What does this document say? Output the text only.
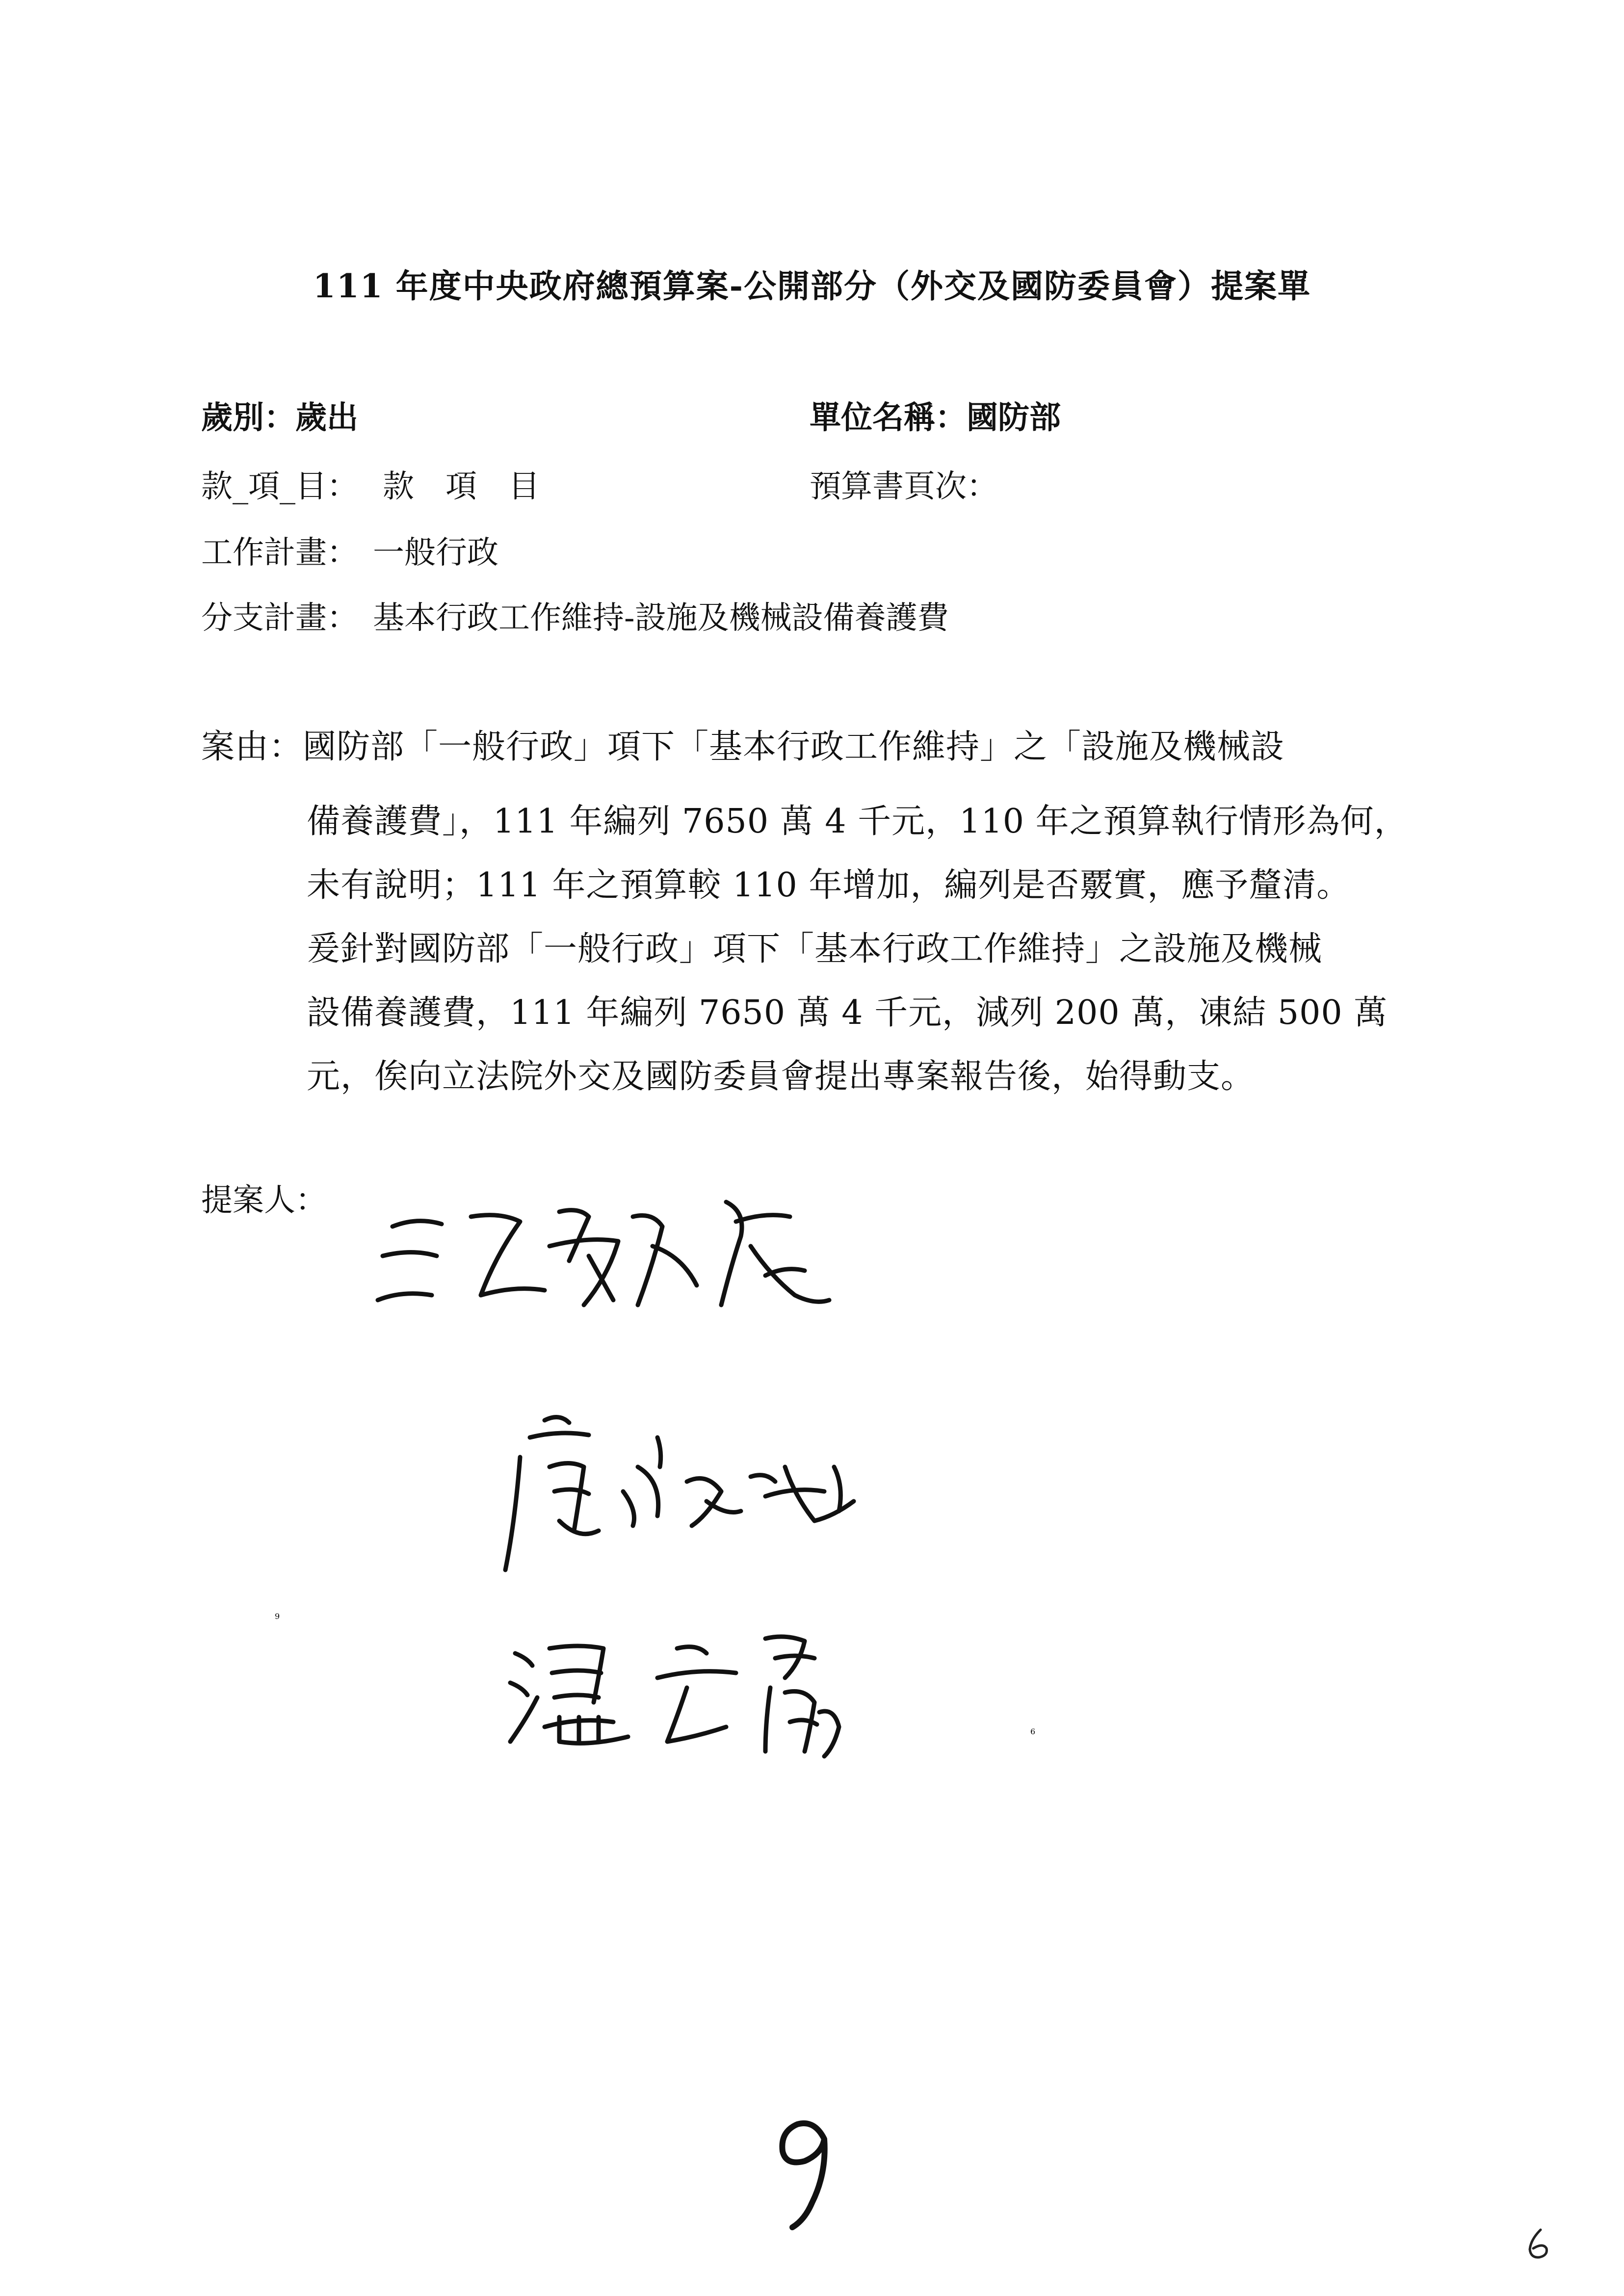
111 年度中央政府總預算案-公開部分（外交及國防委員會）提案單
歲別：歲出	單位名稱：國防部
款_項_目： 款　項　目	預算書頁次：
工作計畫： 一般行政
分支計畫： 基本行政工作維持-設施及機械設備養護費
案由：國防部「一般行政」項下「基本行政工作維持」之「設施及機械設
備養護費」，111 年編列 7650 萬 4 千元，110 年之預算執行情形為何，
未有說明；111 年之預算較 110 年增加，編列是否覈實，應予釐清。
爰針對國防部「一般行政」項下「基本行政工作維持」之設施及機械
設備養護費，111 年編列 7650 萬 4 千元，減列 200 萬，凍結 500 萬
元，俟向立法院外交及國防委員會提出專案報告後，始得動支。
提案人：
9
6
